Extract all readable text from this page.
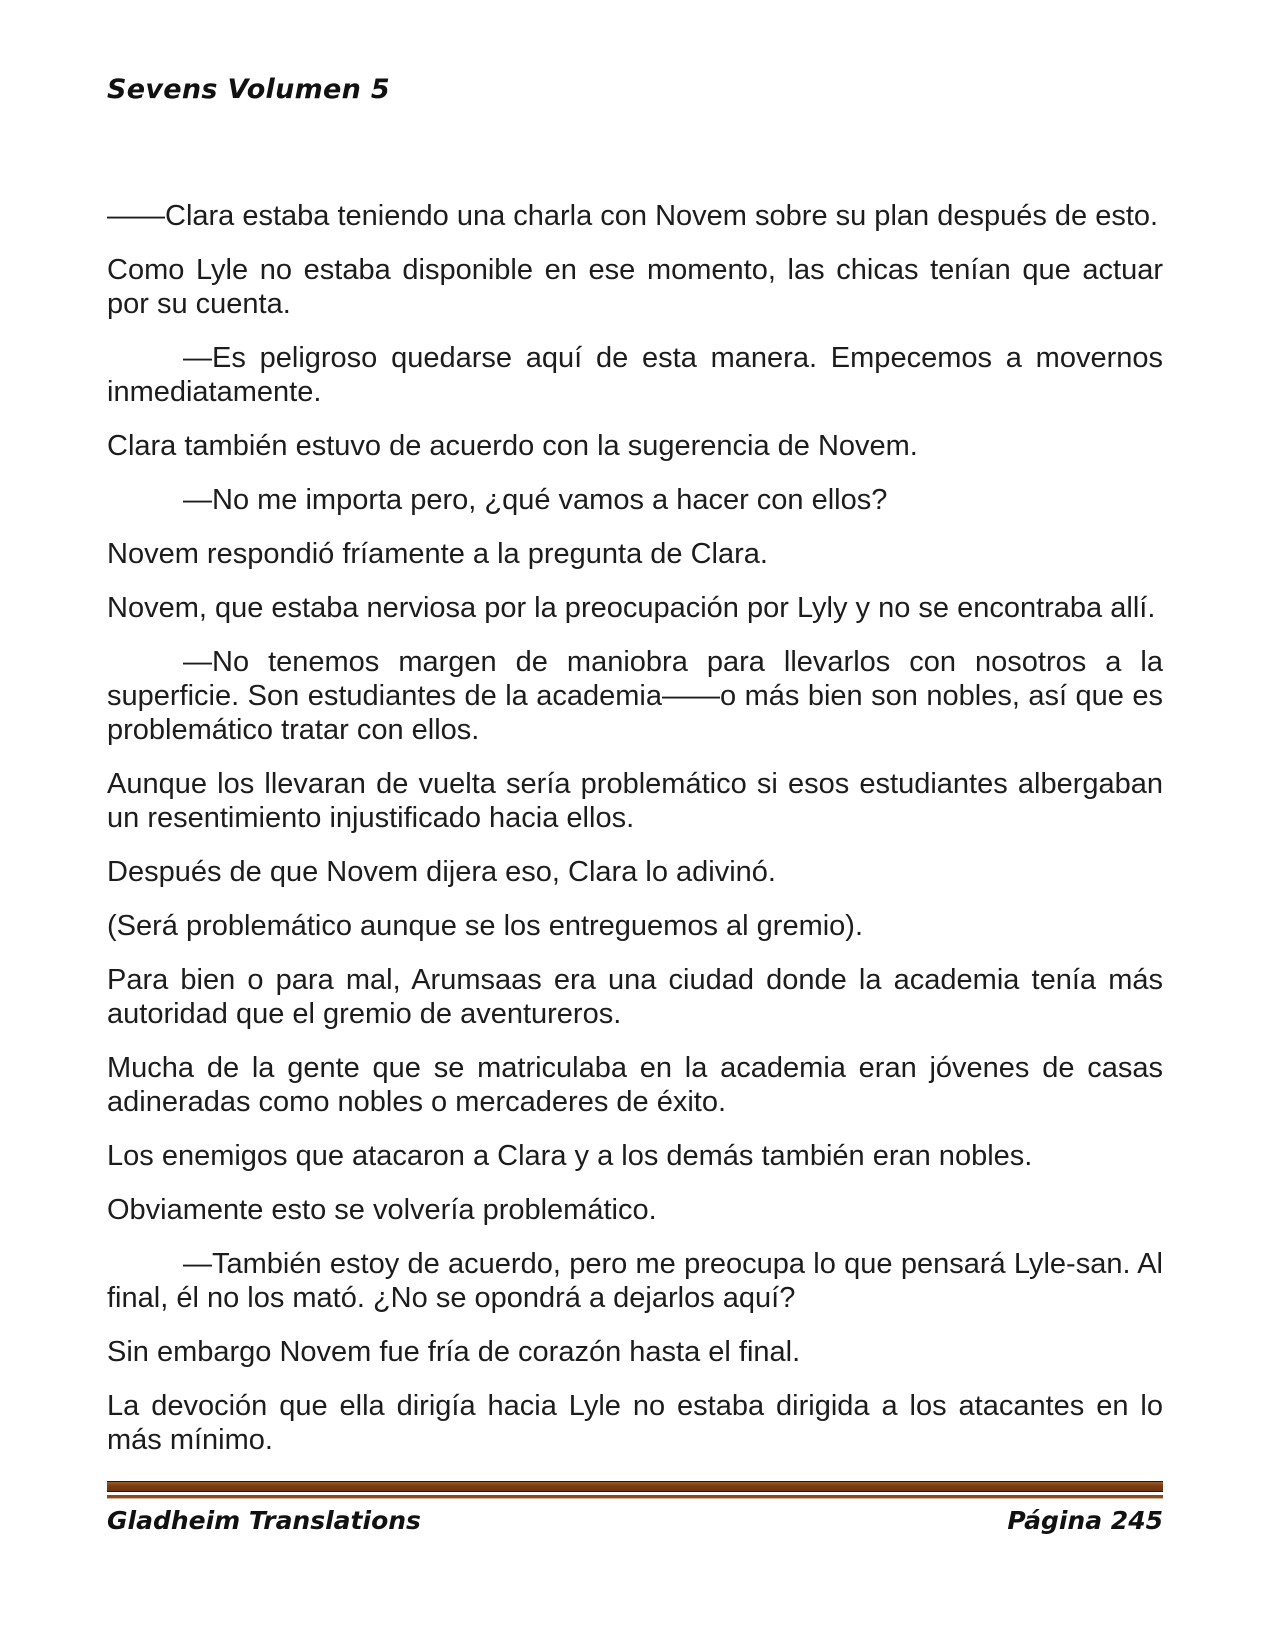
Sevens Volumen 5

——Clara estaba teniendo una charla con Novem sobre su plan después de esto.

Como Lyle no estaba disponible en ese momento, las chicas tenían que actuar por su cuenta.

—Es peligroso quedarse aquí de esta manera. Empecemos a movernos inmediatamente.

Clara también estuvo de acuerdo con la sugerencia de Novem.

—No me importa pero, ¿qué vamos a hacer con ellos?

Novem respondió fríamente a la pregunta de Clara.

Novem, que estaba nerviosa por la preocupación por Lyly y no se encontraba allí.

—No tenemos margen de maniobra para llevarlos con nosotros a la superficie. Son estudiantes de la academia——o más bien son nobles, así que es problemático tratar con ellos.

Aunque los llevaran de vuelta sería problemático si esos estudiantes albergaban un resentimiento injustificado hacia ellos.

Después de que Novem dijera eso, Clara lo adivinó.

(Será problemático aunque se los entreguemos al gremio).

Para bien o para mal, Arumsaas era una ciudad donde la academia tenía más autoridad que el gremio de aventureros.

Mucha de la gente que se matriculaba en la academia eran jóvenes de casas adineradas como nobles o mercaderes de éxito.

Los enemigos que atacaron a Clara y a los demás también eran nobles.

Obviamente esto se volvería problemático.

—También estoy de acuerdo, pero me preocupa lo que pensará Lyle-san. Al final, él no los mató. ¿No se opondrá a dejarlos aquí?

Sin embargo Novem fue fría de corazón hasta el final.

La devoción que ella dirigía hacia Lyle no estaba dirigida a los atacantes en lo más mínimo.

Gladheim Translations	Página 245
